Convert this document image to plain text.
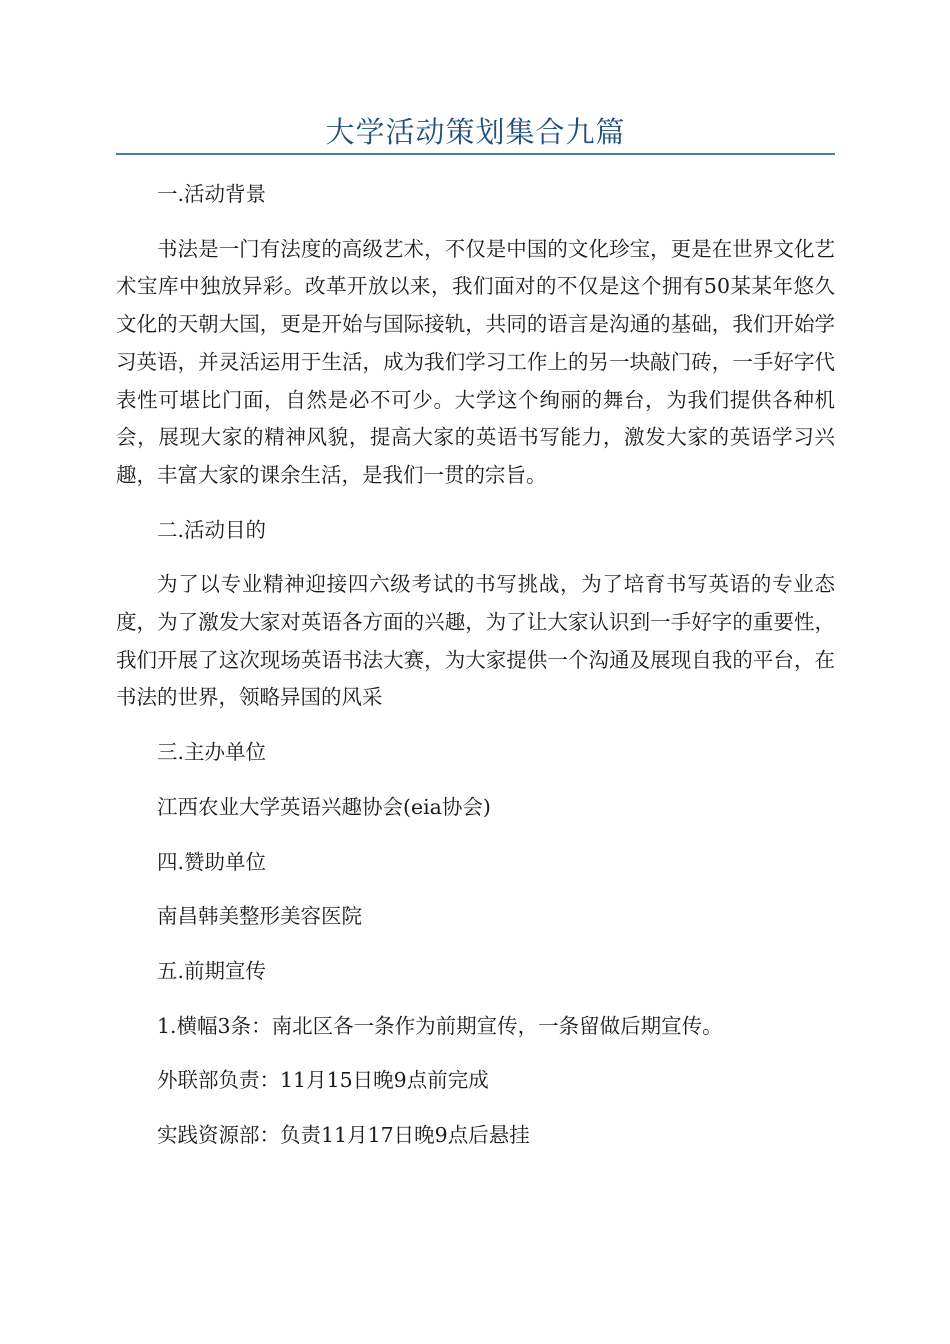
大学活动策划集合九篇

一.活动背景

书法是一门有法度的高级艺术，不仅是中国的文化珍宝，更是在世界文化艺术宝库中独放异彩。改革开放以来，我们面对的不仅是这个拥有50某某年悠久文化的天朝大国，更是开始与国际接轨，共同的语言是沟通的基础，我们开始学习英语，并灵活运用于生活，成为我们学习工作上的另一块敲门砖，一手好字代表性可堪比门面，自然是必不可少。大学这个绚丽的舞台，为我们提供各种机会，展现大家的精神风貌，提高大家的英语书写能力，激发大家的英语学习兴趣，丰富大家的课余生活，是我们一贯的宗旨。

二.活动目的

为了以专业精神迎接四六级考试的书写挑战，为了培育书写英语的专业态度，为了激发大家对英语各方面的兴趣，为了让大家认识到一手好字的重要性，我们开展了这次现场英语书法大赛，为大家提供一个沟通及展现自我的平台，在书法的世界，领略异国的风采

三.主办单位

江西农业大学英语兴趣协会(eia协会)

四.赞助单位

南昌韩美整形美容医院

五.前期宣传

1.横幅3条：南北区各一条作为前期宣传，一条留做后期宣传。

外联部负责：11月15日晚9点前完成

实践资源部：负责11月17日晚9点后悬挂
